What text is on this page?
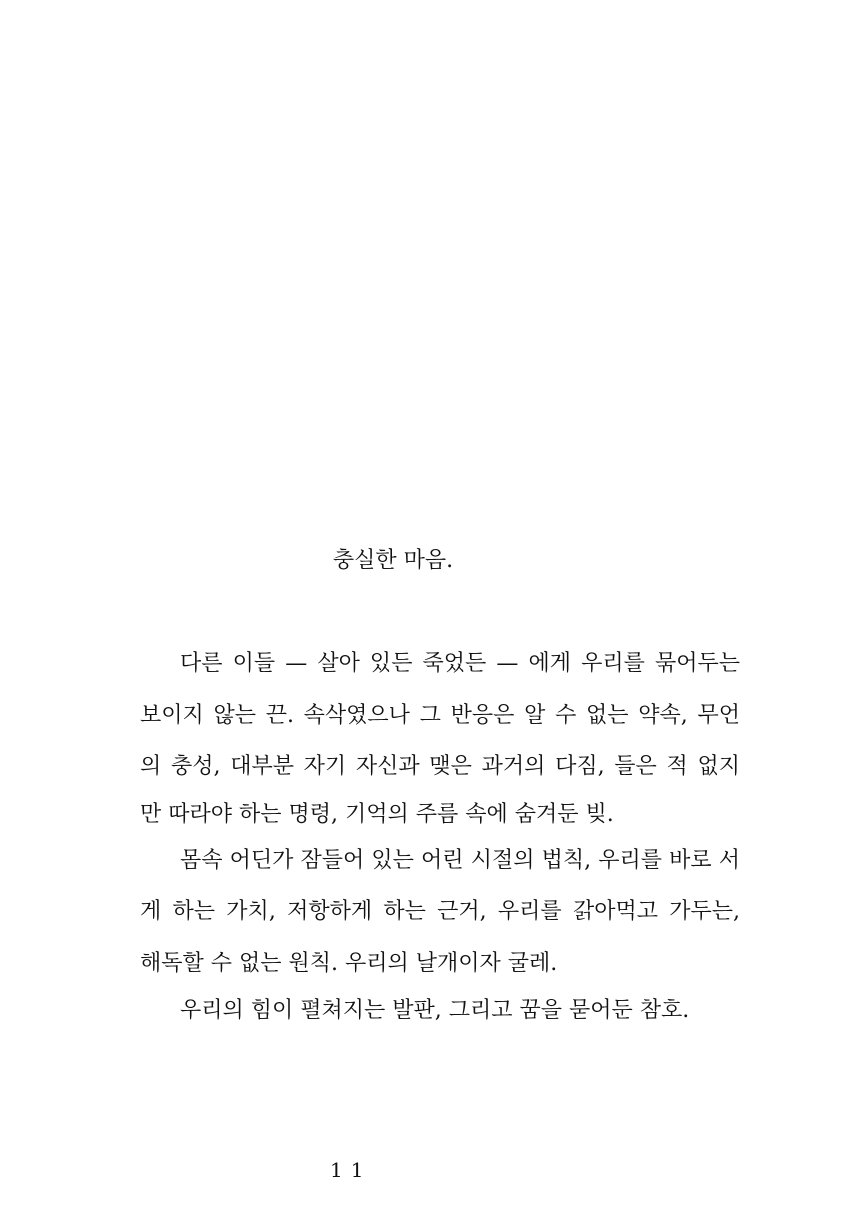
충실한 마음.
다른 이들 — 살아 있든 죽었든 — 에게 우리를 묶어두는
보이지 않는 끈. 속삭였으나 그 반응은 알 수 없는 약속, 무언
의 충성, 대부분 자기 자신과 맺은 과거의 다짐, 들은 적 없지
만 따라야 하는 명령, 기억의 주름 속에 숨겨둔 빚.
몸속 어딘가 잠들어 있는 어린 시절의 법칙, 우리를 바로 서
게 하는 가치, 저항하게 하는 근거, 우리를 갉아먹고 가두는,
해독할 수 없는 원칙. 우리의 날개이자 굴레.
우리의 힘이 펼쳐지는 발판, 그리고 꿈을 묻어둔 참호.
11
